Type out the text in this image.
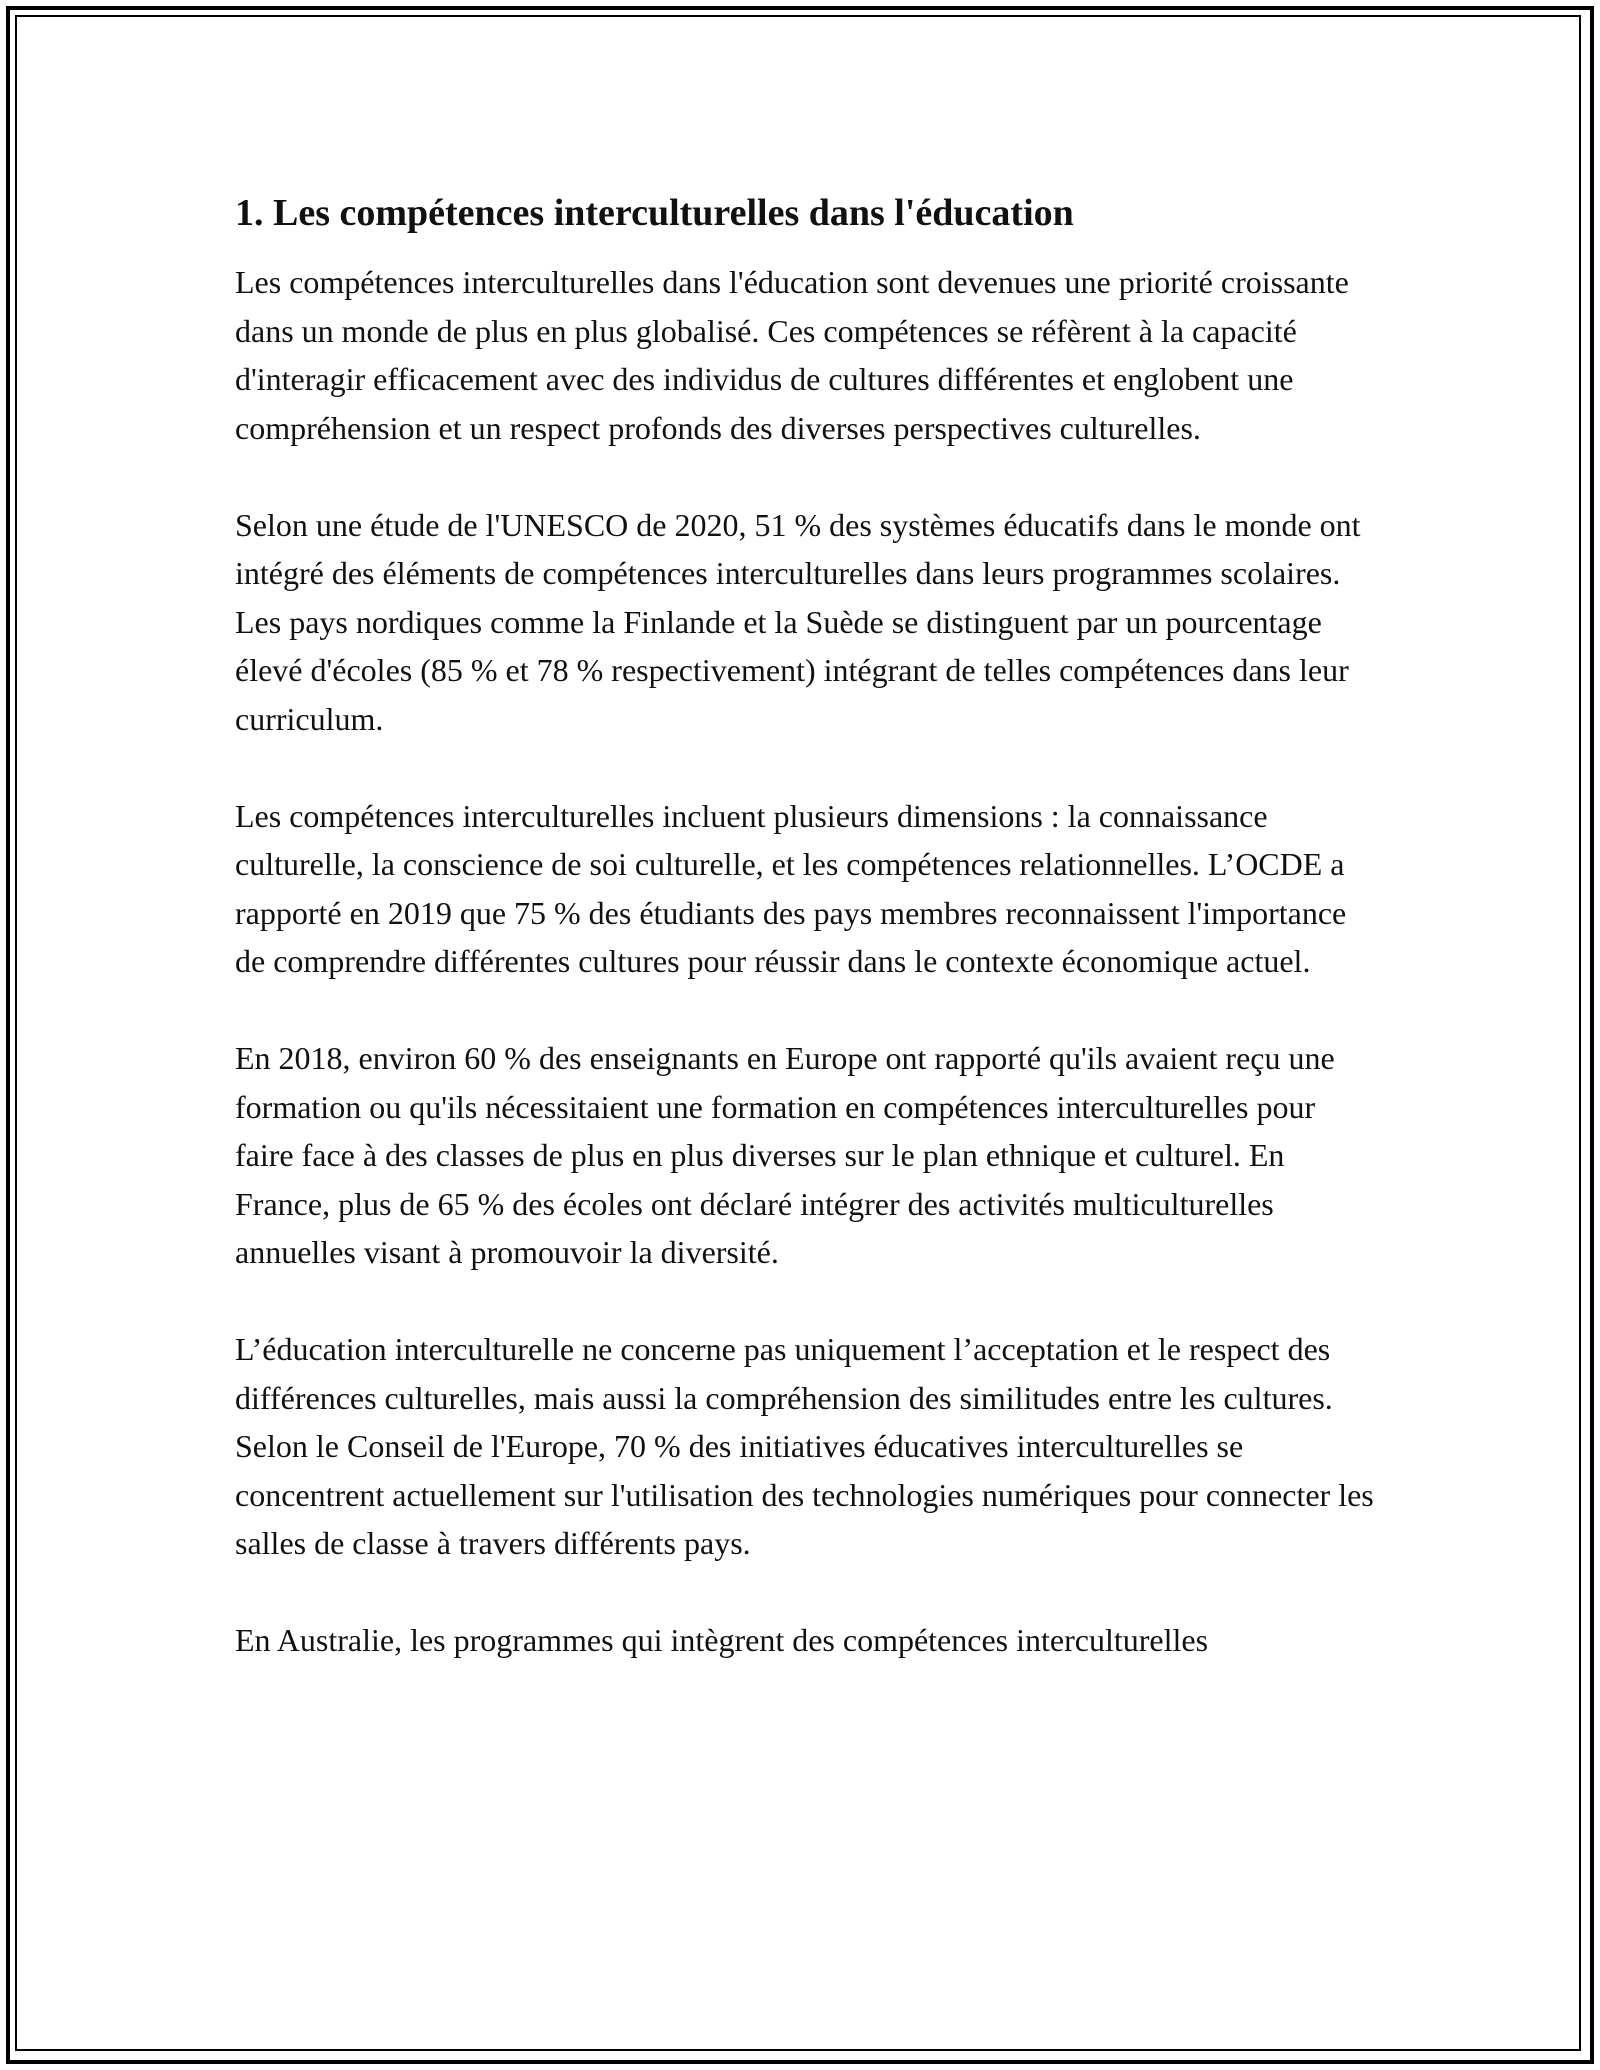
1. Les compétences interculturelles dans l'éducation

Les compétences interculturelles dans l'éducation sont devenues une priorité croissante dans un monde de plus en plus globalisé. Ces compétences se réfèrent à la capacité d'interagir efficacement avec des individus de cultures différentes et englobent une compréhension et un respect profonds des diverses perspectives culturelles.

Selon une étude de l'UNESCO de 2020, 51 % des systèmes éducatifs dans le monde ont intégré des éléments de compétences interculturelles dans leurs programmes scolaires. Les pays nordiques comme la Finlande et la Suède se distinguent par un pourcentage élevé d'écoles (85 % et 78 % respectivement) intégrant de telles compétences dans leur curriculum.

Les compétences interculturelles incluent plusieurs dimensions : la connaissance culturelle, la conscience de soi culturelle, et les compétences relationnelles. L’OCDE a rapporté en 2019 que 75 % des étudiants des pays membres reconnaissent l'importance de comprendre différentes cultures pour réussir dans le contexte économique actuel.

En 2018, environ 60 % des enseignants en Europe ont rapporté qu'ils avaient reçu une formation ou qu'ils nécessitaient une formation en compétences interculturelles pour faire face à des classes de plus en plus diverses sur le plan ethnique et culturel. En France, plus de 65 % des écoles ont déclaré intégrer des activités multiculturelles annuelles visant à promouvoir la diversité.

L’éducation interculturelle ne concerne pas uniquement l’acceptation et le respect des différences culturelles, mais aussi la compréhension des similitudes entre les cultures. Selon le Conseil de l'Europe, 70 % des initiatives éducatives interculturelles se concentrent actuellement sur l'utilisation des technologies numériques pour connecter les salles de classe à travers différents pays.

En Australie, les programmes qui intègrent des compétences interculturelles
